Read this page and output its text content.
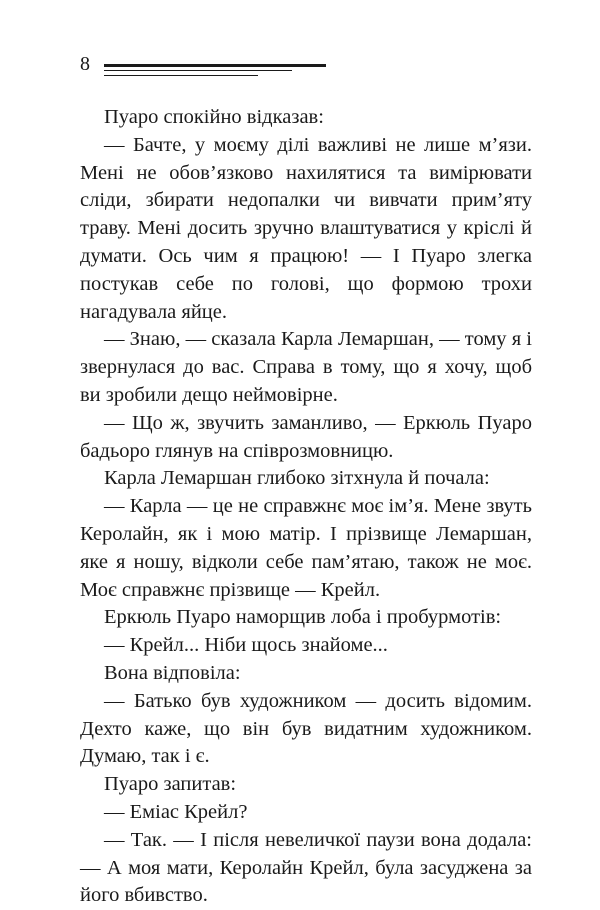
8

Пуаро спокійно відказав:

— Бачте, у моєму ділі важливі не лише м’язи. Мені не обов’язково нахилятися та вимірювати сліди, збирати недопалки чи вивчати прим’яту траву. Мені досить зручно влаштуватися у кріслі й думати. Ось чим я працюю! — І Пуаро злегка постукав себе по голові, що формою трохи нагадувала яйце.

— Знаю, — сказала Карла Лемаршан, — тому я і звернулася до вас. Справа в тому, що я хочу, щоб ви зробили дещо неймовірне.

— Що ж, звучить заманливо, — Еркюль Пуаро бадьоро глянув на співрозмовницю.

Карла Лемаршан глибоко зітхнула й почала:

— Карла — це не справжнє моє ім’я. Мене звуть Керолайн, як і мою матір. І прізвище Лемаршан, яке я ношу, відколи себе пам’ятаю, також не моє. Моє справжнє прізвище — Крейл.

Еркюль Пуаро наморщив лоба і пробурмотів:

— Крейл... Ніби щось знайоме...

Вона відповіла:

— Батько був художником — досить відомим. Дехто каже, що він був видатним художником. Думаю, так і є.

Пуаро запитав:

— Еміас Крейл?

— Так. — І після невеличкої паузи вона додала: — А моя мати, Керолайн Крейл, була засуджена за його вбивство.
